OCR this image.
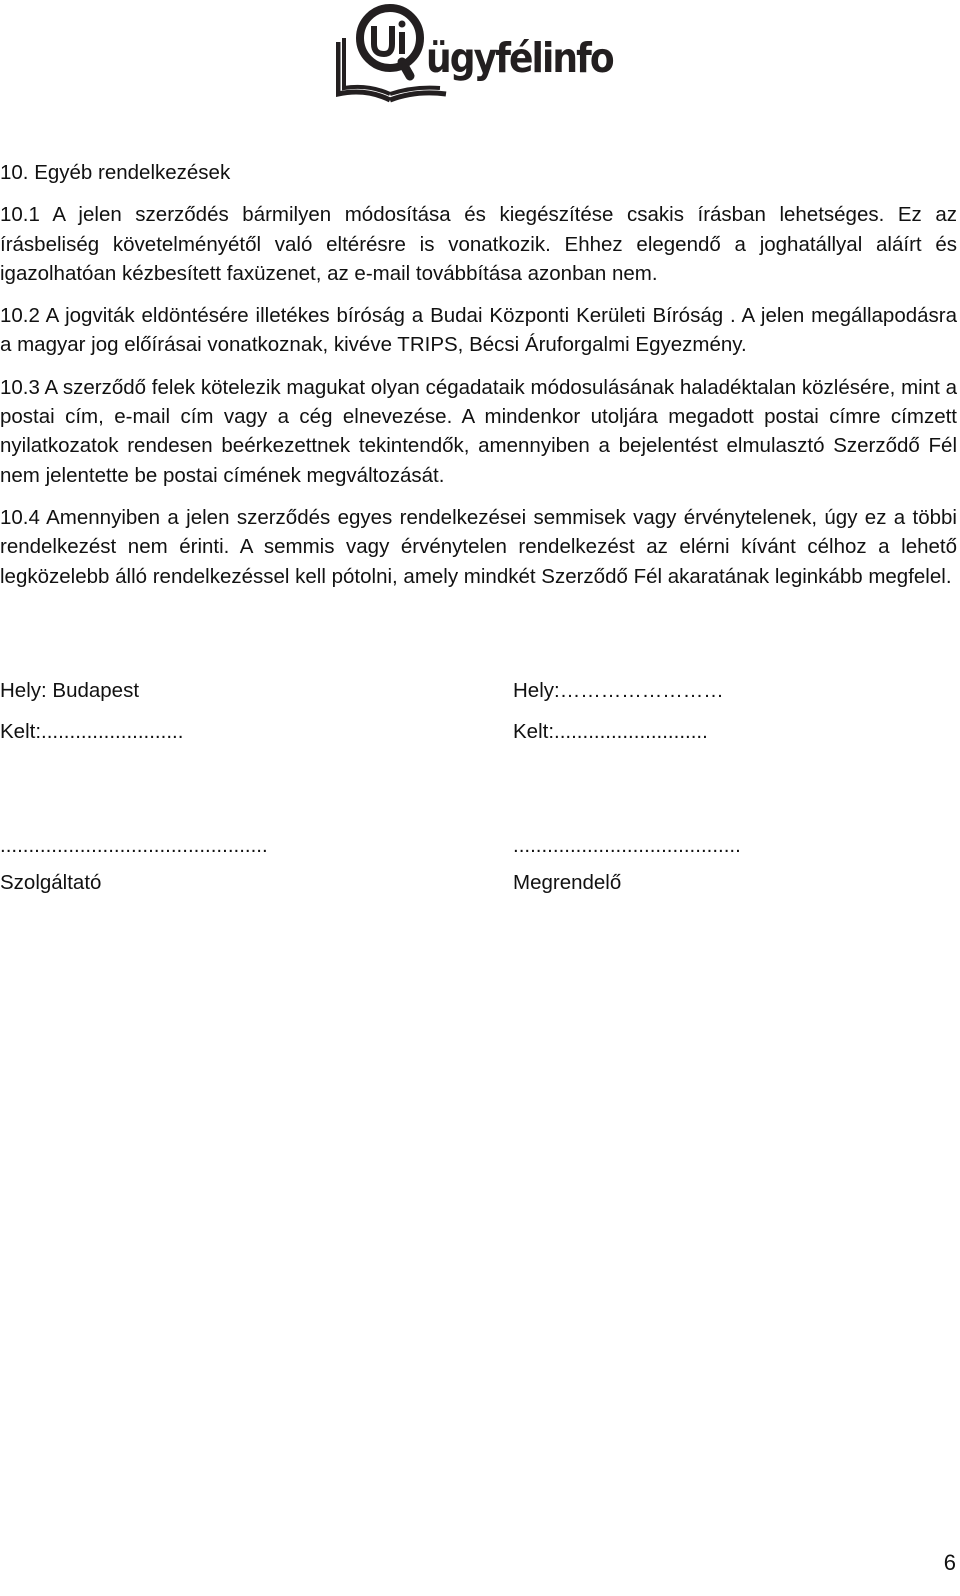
ügyfélinfo

10. Egyéb rendelkezések

10.1 A jelen szerződés bármilyen módosítása és kiegészítése csakis írásban lehetséges. Ez az írásbeliség követelményétől való eltérésre is vonatkozik. Ehhez elegendő a joghatállyal aláírt és igazolhatóan kézbesített faxüzenet, az e-mail továbbítása azonban nem.

10.2 A jogviták eldöntésére illetékes bíróság a Budai Központi Kerületi Bíróság . A jelen megállapodásra a magyar jog előírásai vonatkoznak, kivéve TRIPS, Bécsi Áruforgalmi Egyezmény.

10.3 A szerződő felek kötelezik magukat olyan cégadataik módosulásának haladéktalan közlésére, mint a postai cím, e-mail cím vagy a cég elnevezése. A mindenkor utoljára megadott postai címre címzett nyilatkozatok rendesen beérkezettnek tekintendők, amennyiben a bejelentést elmulasztó Szerződő Fél nem jelentette be postai címének megváltozását.

10.4 Amennyiben a jelen szerződés egyes rendelkezései semmisek vagy érvénytelenek, úgy ez a többi rendelkezést nem érinti. A semmis vagy érvénytelen rendelkezést az elérni kívánt célhoz a lehető legközelebb álló rendelkezéssel kell pótolni, amely mindkét Szerződő Fél akaratának leginkább megfelel.

Hely: Budapest	Hely:……………………
Kelt:.........................	Kelt:...........................
...............................................	........................................
Szolgáltató	Megrendelő
6
